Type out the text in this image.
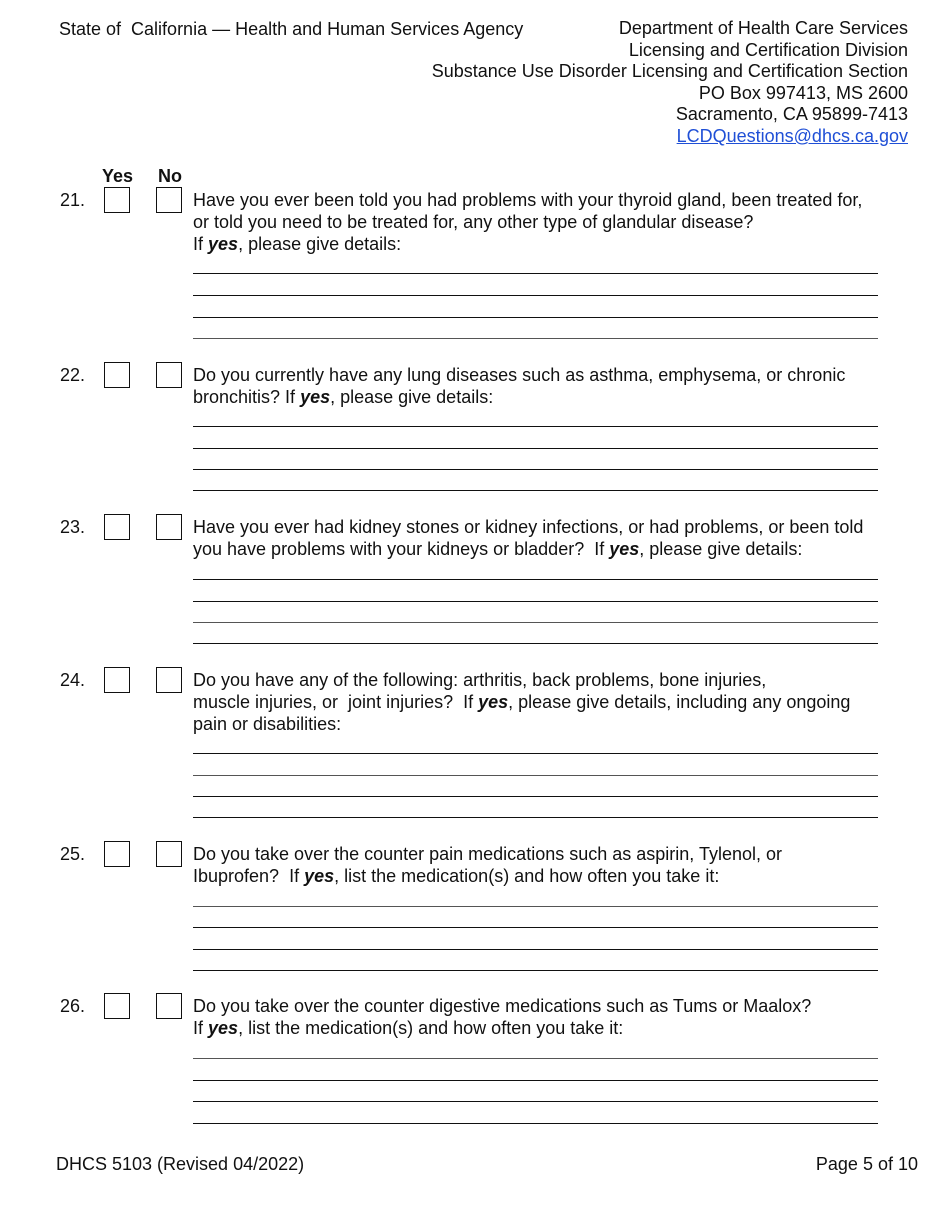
State of  California — Health and Human Services Agency	Department of Health Care Services
Licensing and Certification Division
Substance Use Disorder Licensing and Certification Section
PO Box 997413, MS 2600
Sacramento, CA 95899-7413
LCDQuestions@dhcs.ca.gov
Yes No
21.	Have you ever been told you had problems with your thyroid gland, been treated for,
or told you need to be treated for, any other type of glandular disease?
If yes, please give details:
22.	Do you currently have any lung diseases such as asthma, emphysema, or chronic
bronchitis? If yes, please give details:
23.	Have you ever had kidney stones or kidney infections, or had problems, or been told
you have problems with your kidneys or bladder?  If yes, please give details:
24.	Do you have any of the following: arthritis, back problems, bone injuries,
muscle injuries, or  joint injuries?  If yes, please give details, including any ongoing
pain or disabilities:
25.	Do you take over the counter pain medications such as aspirin, Tylenol, or
Ibuprofen?  If yes, list the medication(s) and how often you take it:
26.	Do you take over the counter digestive medications such as Tums or Maalox?
If yes, list the medication(s) and how often you take it:
DHCS 5103 (Revised 04/2022)	Page 5 of 10
